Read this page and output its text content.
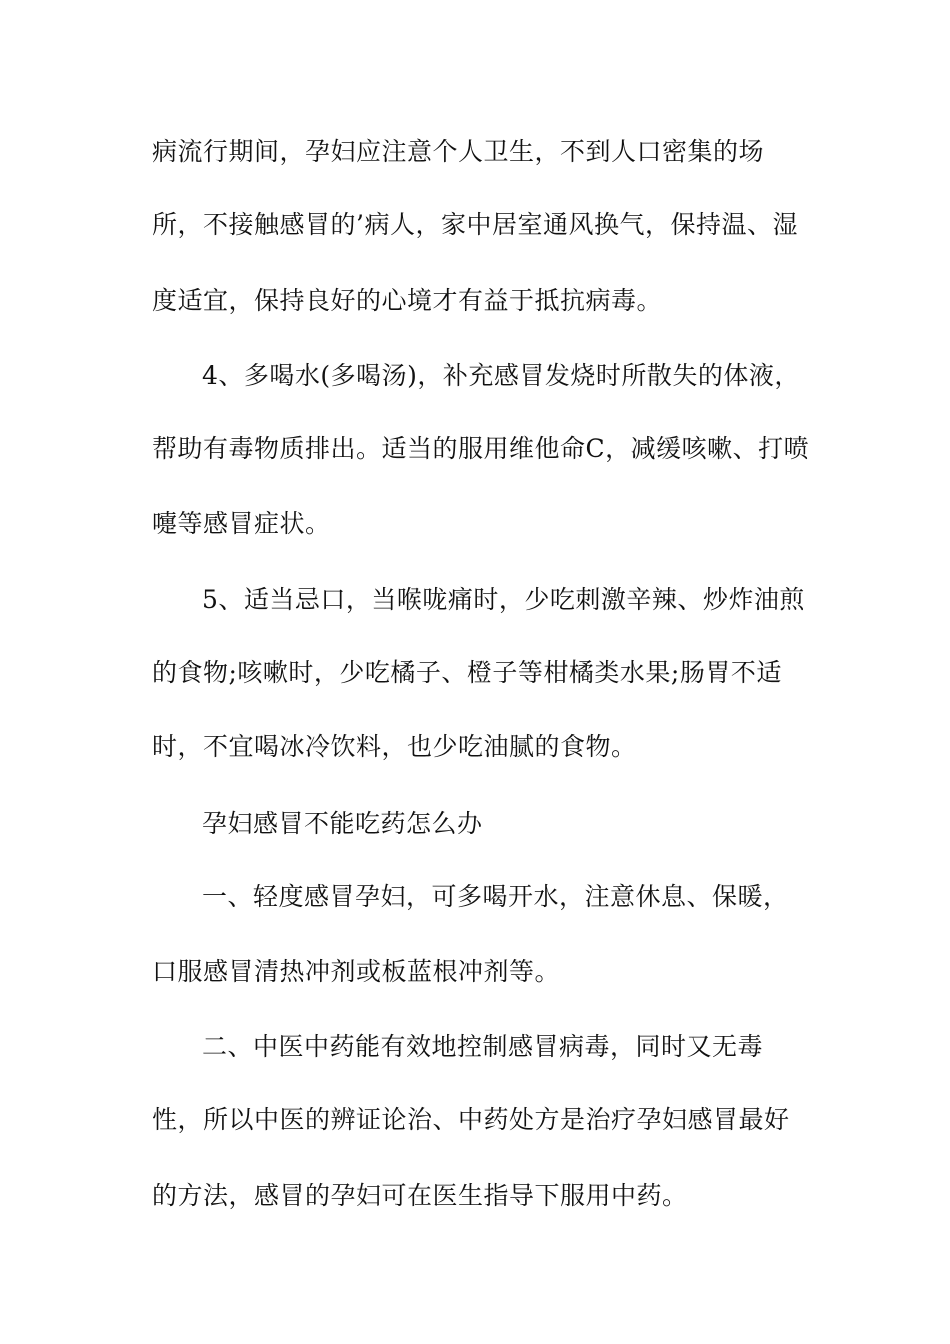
病流行期间，孕妇应注意个人卫生，不到人口密集的场
所，不接触感冒的’病人，家中居室通风换气，保持温、湿
度适宜，保持良好的心境才有益于抵抗病毒。
4、多喝水(多喝汤)，补充感冒发烧时所散失的体液，
帮助有毒物质排出。适当的服用维他命C，减缓咳嗽、打喷
嚏等感冒症状。
5、适当忌口，当喉咙痛时，少吃刺激辛辣、炒炸油煎
的食物;咳嗽时，少吃橘子、橙子等柑橘类水果;肠胃不适
时，不宜喝冰冷饮料，也少吃油腻的食物。
孕妇感冒不能吃药怎么办
一、轻度感冒孕妇，可多喝开水，注意休息、保暖，
口服感冒清热冲剂或板蓝根冲剂等。
二、中医中药能有效地控制感冒病毒，同时又无毒
性，所以中医的辨证论治、中药处方是治疗孕妇感冒最好
的方法，感冒的孕妇可在医生指导下服用中药。
